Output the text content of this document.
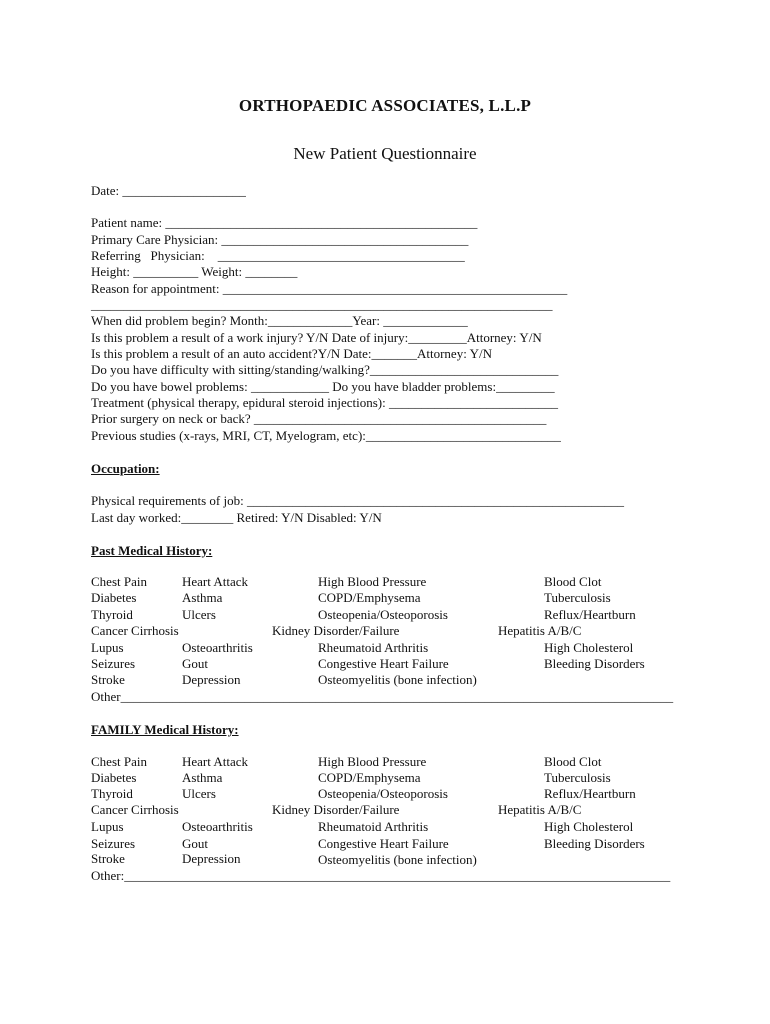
ORTHOPAEDIC ASSOCIATES, L.L.P
New Patient Questionnaire
Date: ___________________
Patient name: ________________________________________________
Primary Care Physician: ______________________________________
Referring   Physician:    ______________________________________
Height: __________ Weight: ________
Reason for appointment: _____________________________________________________
_______________________________________________________________________
When did problem begin? Month:_____________Year: _____________
Is this problem a result of a work injury? Y/N Date of injury:_________Attorney: Y/N
Is this problem a result of an auto accident?Y/N Date:_______Attorney: Y/N
Do you have difficulty with sitting/standing/walking?_____________________________
Do you have bowel problems: ____________ Do you have bladder problems:_________
Treatment (physical therapy, epidural steroid injections): __________________________
Prior surgery on neck or back? _____________________________________________
Previous studies (x-rays, MRI, CT, Myelogram, etc):______________________________
Occupation:
Physical requirements of job: __________________________________________________________
Last day worked:________ Retired: Y/N Disabled: Y/N
Past Medical History:
Chest Pain	Heart Attack	High Blood Pressure	Blood Clot
Diabetes	Asthma	COPD/Emphysema	Tuberculosis
Thyroid	Ulcers	Osteopenia/Osteoporosis	Reflux/Heartburn
Cancer Cirrhosis	Kidney Disorder/Failure	Hepatitis A/B/C
Lupus	Osteoarthritis	Rheumatoid Arthritis	High Cholesterol
Seizures	Gout	Congestive Heart Failure	Bleeding Disorders
Stroke	Depression	Osteomyelitis (bone infection)
Other_____________________________________________________________________________________
FAMILY Medical History:
Chest Pain	Heart Attack	High Blood Pressure	Blood Clot
Diabetes	Asthma	COPD/Emphysema	Tuberculosis
Thyroid	Ulcers	Osteopenia/Osteoporosis	Reflux/Heartburn
Cancer Cirrhosis	Kidney Disorder/Failure	Hepatitis A/B/C
Lupus	Osteoarthritis	Rheumatoid Arthritis	High Cholesterol
Seizures	Gout	Congestive Heart Failure	Bleeding Disorders
Stroke	Depression	Osteomyelitis (bone infection)
Other:____________________________________________________________________________________
